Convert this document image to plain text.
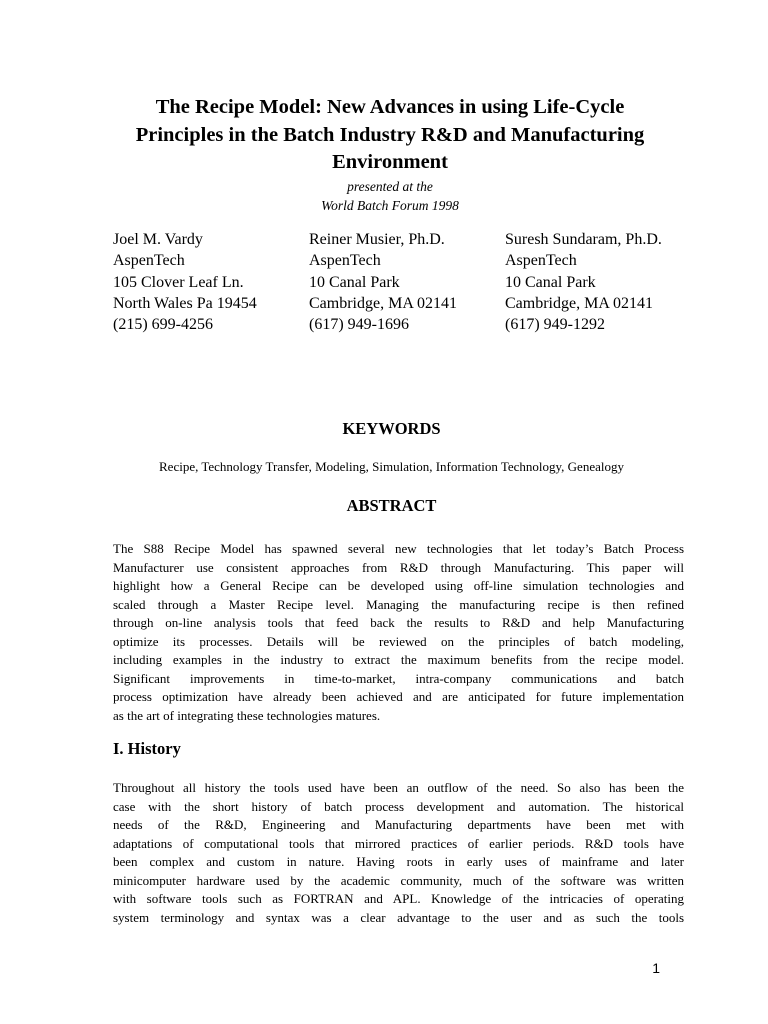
The Recipe Model: New Advances in using Life-Cycle
Principles in the Batch Industry R&D and Manufacturing
Environment
presented at the
World Batch Forum 1998
Joel M. Vardy
AspenTech
105 Clover Leaf Ln.
North Wales Pa 19454
(215) 699-4256
Reiner Musier, Ph.D.
AspenTech
10 Canal Park
Cambridge, MA 02141
(617) 949-1696
Suresh Sundaram, Ph.D.
AspenTech
10 Canal Park
Cambridge, MA 02141
(617) 949-1292
KEYWORDS
Recipe, Technology Transfer, Modeling, Simulation, Information Technology, Genealogy
ABSTRACT
The S88 Recipe Model has spawned several new technologies that let today’s Batch Process
Manufacturer use consistent approaches from R&D through Manufacturing. This paper will
highlight how a General Recipe can be developed using off-line simulation technologies and
scaled through a Master Recipe level. Managing the manufacturing recipe is then refined
through on-line analysis tools that feed back the results to R&D and help Manufacturing
optimize its processes. Details will be reviewed on the principles of batch modeling,
including examples in the industry to extract the maximum benefits from the recipe model.
Significant improvements in time-to-market, intra-company communications and batch
process optimization have already been achieved and are anticipated for future implementation
as the art of integrating these technologies matures.
I. History
Throughout all history the tools used have been an outflow of the need. So also has been the
case with the short history of batch process development and automation. The historical
needs of the R&D, Engineering and Manufacturing departments have been met with
adaptations of computational tools that mirrored practices of earlier periods. R&D tools have
been complex and custom in nature. Having roots in early uses of mainframe and later
minicomputer hardware used by the academic community, much of the software was written
with software tools such as FORTRAN and APL. Knowledge of the intricacies of operating
system terminology and syntax was a clear advantage to the user and as such the tools
1
